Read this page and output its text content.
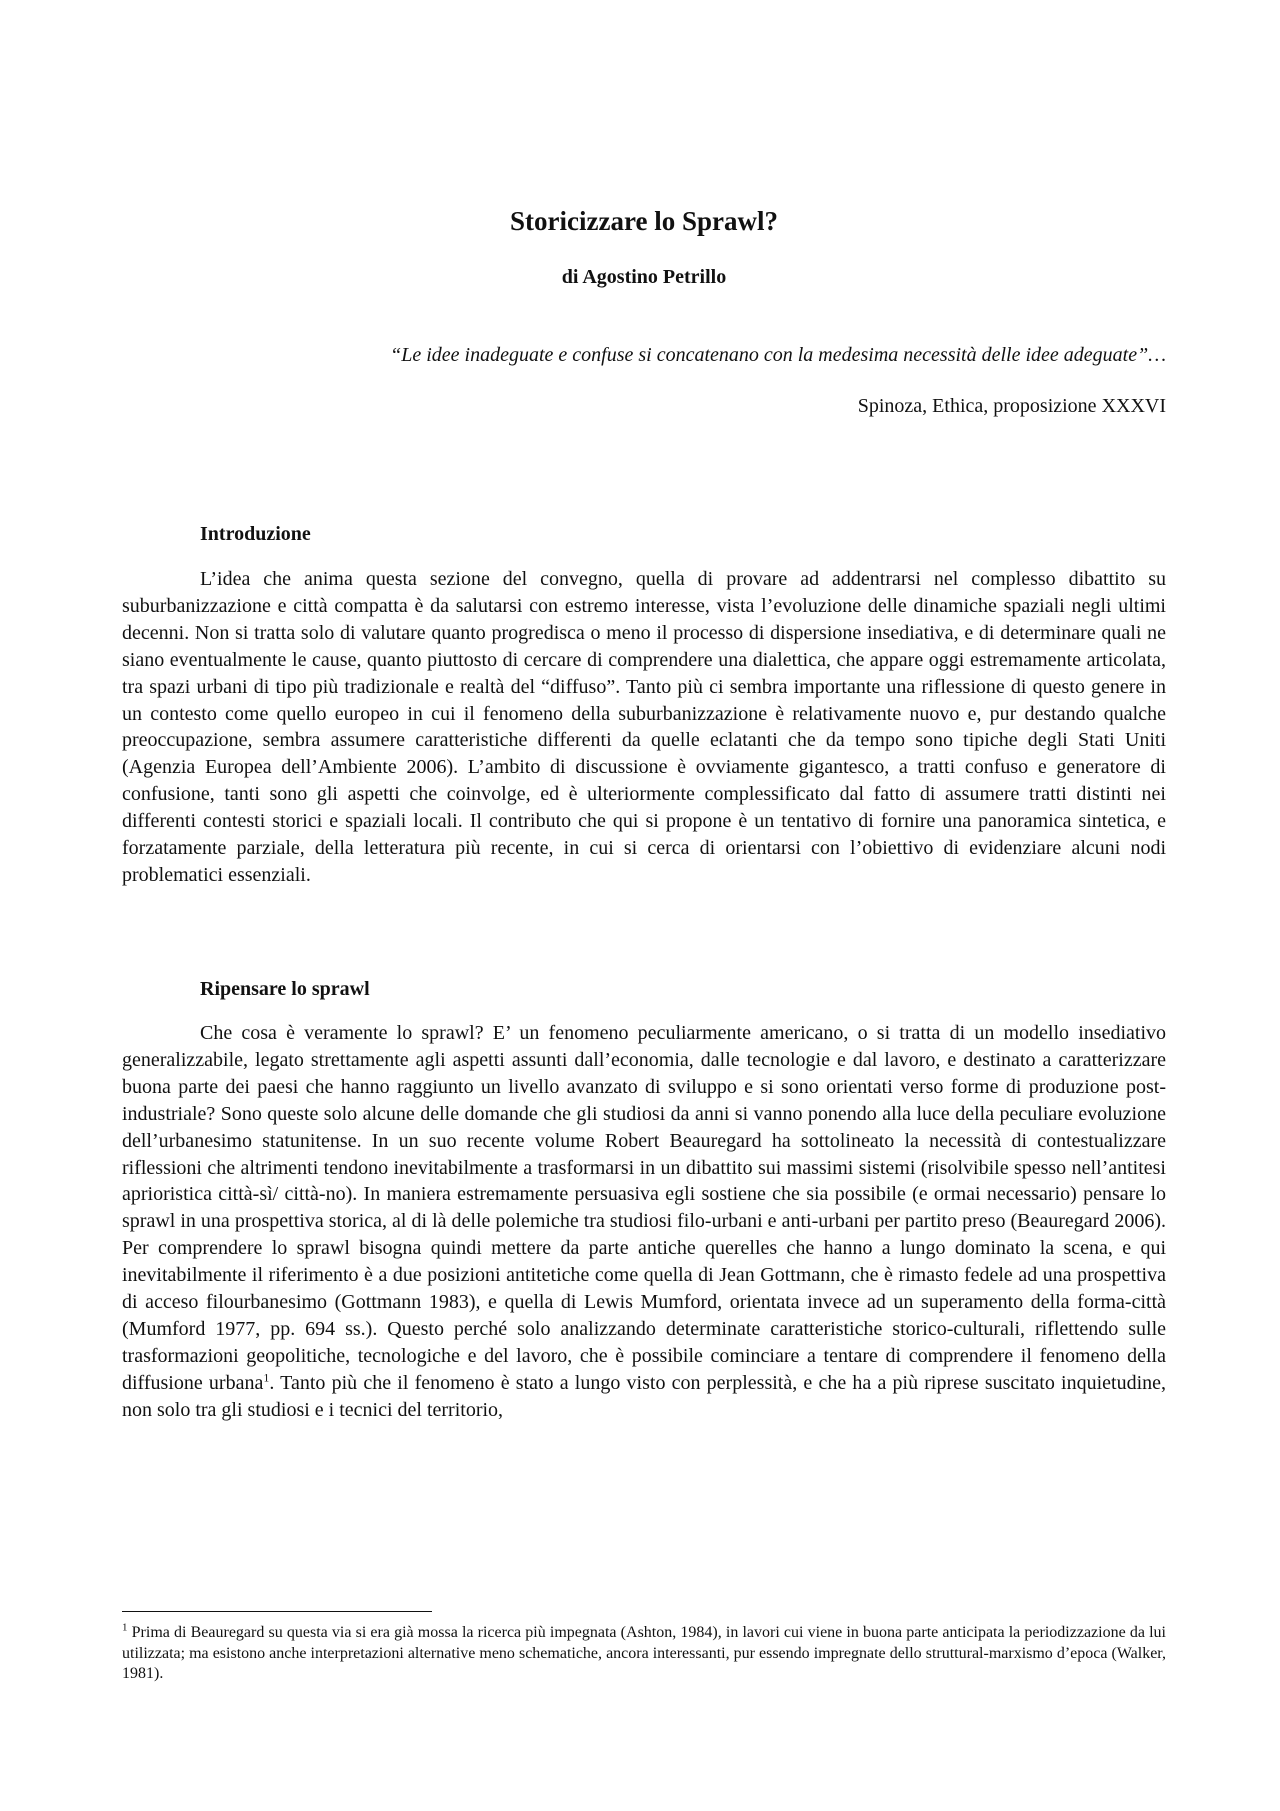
Storicizzare lo Sprawl?

di Agostino Petrillo

“Le idee inadeguate e confuse si concatenano con la medesima necessità delle idee adeguate”…

Spinoza, Ethica, proposizione XXXVI

Introduzione

L’idea che anima questa sezione del convegno, quella di provare ad addentrarsi nel complesso dibattito su suburbanizzazione e città compatta è da salutarsi con estremo interesse, vista l’evoluzione delle dinamiche spaziali negli ultimi decenni. Non si tratta solo di valutare quanto progredisca o meno il processo di dispersione insediativa, e di determinare quali ne siano eventualmente le cause, quanto piuttosto di cercare di comprendere una dialettica, che appare oggi estremamente articolata, tra spazi urbani di tipo più tradizionale e realtà del “diffuso”. Tanto più ci sembra importante una riflessione di questo genere in un contesto come quello europeo in cui il fenomeno della suburbanizzazione è relativamente nuovo e, pur destando qualche preoccupazione, sembra assumere caratteristiche differenti da quelle eclatanti che da tempo sono tipiche degli Stati Uniti (Agenzia Europea dell’Ambiente 2006). L’ambito di discussione è ovviamente gigantesco, a tratti confuso e generatore di confusione, tanti sono gli aspetti che coinvolge, ed è ulteriormente complessificato dal fatto di assumere tratti distinti nei differenti contesti storici e spaziali locali. Il contributo che qui si propone è un tentativo di fornire una panoramica sintetica, e forzatamente parziale, della letteratura più recente, in cui si cerca di orientarsi con l’obiettivo di evidenziare alcuni nodi problematici essenziali.

Ripensare lo sprawl

Che cosa è veramente lo sprawl? E’ un fenomeno peculiarmente americano, o si tratta di un modello insediativo generalizzabile, legato strettamente agli aspetti assunti dall’economia, dalle tecnologie e dal lavoro, e destinato a caratterizzare buona parte dei paesi che hanno raggiunto un livello avanzato di sviluppo e si sono orientati verso forme di produzione post-industriale? Sono queste solo alcune delle domande che gli studiosi da anni si vanno ponendo alla luce della peculiare evoluzione dell’urbanesimo statunitense. In un suo recente volume Robert Beauregard ha sottolineato la necessità di contestualizzare riflessioni che altrimenti tendono inevitabilmente a trasformarsi in un dibattito sui massimi sistemi (risolvibile spesso nell’antitesi aprioristica città-sì/ città-no). In maniera estremamente persuasiva egli sostiene che sia possibile (e ormai necessario) pensare lo sprawl in una prospettiva storica, al di là delle polemiche tra studiosi filo-urbani e anti-urbani per partito preso (Beauregard 2006). Per comprendere lo sprawl bisogna quindi mettere da parte antiche querelles che hanno a lungo dominato la scena, e qui inevitabilmente il riferimento è a due posizioni antitetiche come quella di Jean Gottmann, che è rimasto fedele ad una prospettiva di acceso filourbanesimo (Gottmann 1983), e quella di Lewis Mumford, orientata invece ad un superamento della forma-città (Mumford 1977, pp. 694 ss.). Questo perché solo analizzando determinate caratteristiche storico-culturali, riflettendo sulle trasformazioni geopolitiche, tecnologiche e del lavoro, che è possibile cominciare a tentare di comprendere il fenomeno della diffusione urbana$^1$. Tanto più che il fenomeno è stato a lungo visto con perplessità, e che ha a più riprese suscitato inquietudine, non solo tra gli studiosi e i tecnici del territorio,

$^1$ Prima di Beauregard su questa via si era già mossa la ricerca più impegnata (Ashton, 1984), in lavori cui viene in buona parte anticipata la periodizzazione da lui utilizzata; ma esistono anche interpretazioni alternative meno schematiche, ancora interessanti, pur essendo impregnate dello struttural-marxismo d’epoca (Walker, 1981).
